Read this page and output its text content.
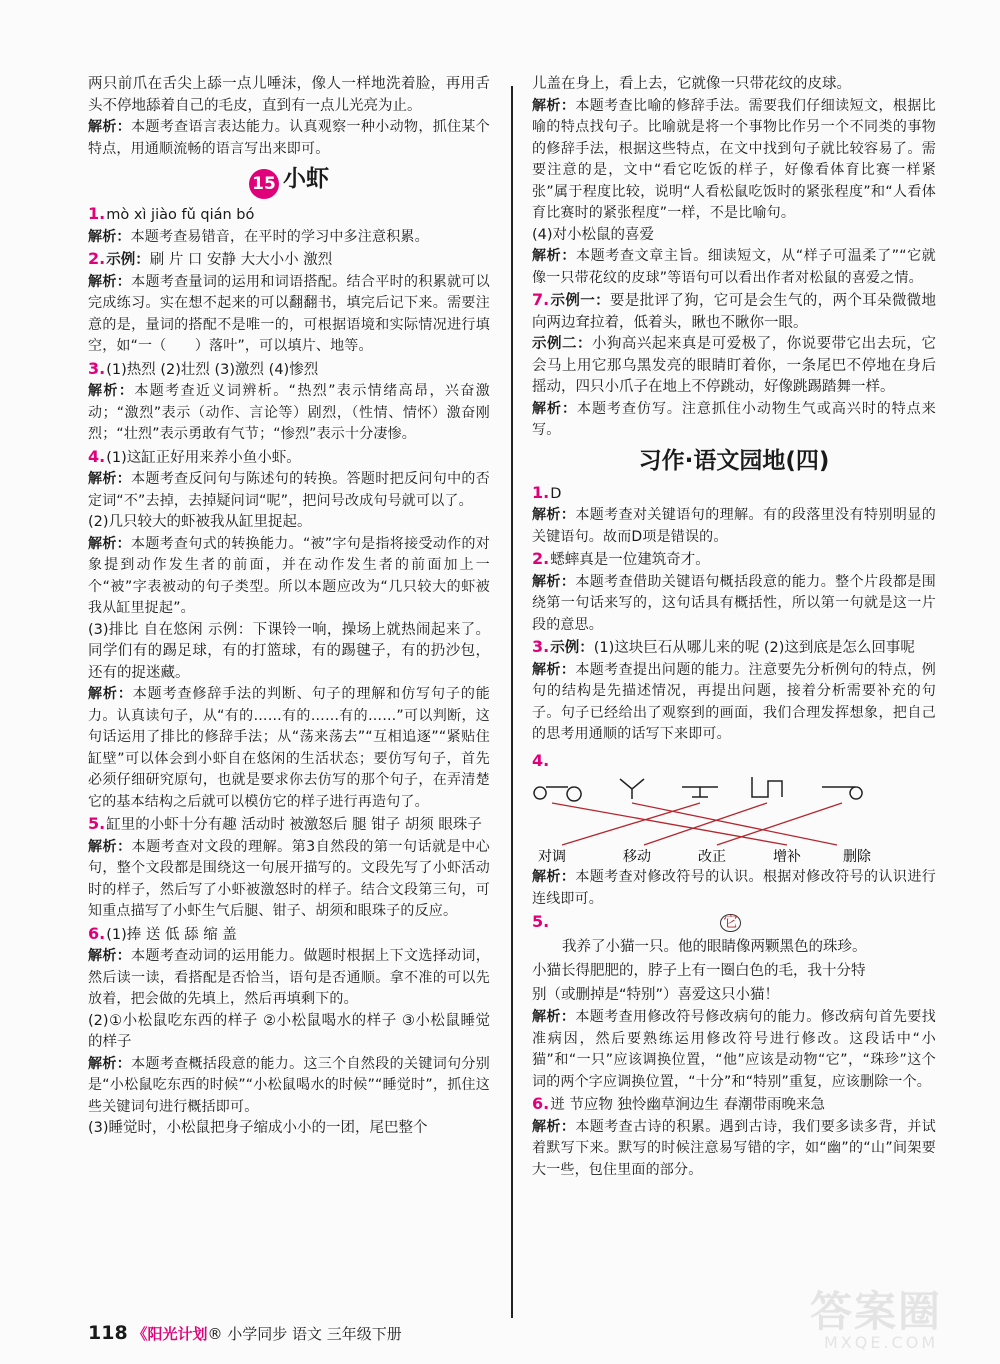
两只前爪在舌尖上舔一点儿唾沫，像人一样地洗着脸，再用舌头不停地舔着自己的毛皮，直到有一点儿光亮为止。

解析：本题考查语言表达能力。认真观察一种小动物，抓住某个特点，用通顺流畅的语言写出来即可。

15 小虾

1.mò xì jiào fǔ qián bó

解析：本题考查易错音，在平时的学习中多注意积累。

2.示例：刷 片 口 安静 大大小小 激烈

解析：本题考查量词的运用和词语搭配。结合平时的积累就可以完成练习。实在想不起来的可以翻翻书，填完后记下来。需要注意的是，量词的搭配不是唯一的，可根据语境和实际情况进行填空，如“一（　　）落叶”，可以填片、地等。

3.(1)热烈 (2)壮烈 (3)激烈 (4)惨烈

解析：本题考查近义词辨析。“热烈”表示情绪高昂，兴奋激动；“激烈”表示（动作、言论等）剧烈，（性情、情怀）激奋刚烈；“壮烈”表示勇敢有气节；“惨烈”表示十分凄惨。

4.(1)这缸正好用来养小鱼小虾。

解析：本题考查反问句与陈述句的转换。答题时把反问句中的否定词“不”去掉，去掉疑问词“呢”，把问号改成句号就可以了。

(2)几只较大的虾被我从缸里捉起。

解析：本题考查句式的转换能力。“被”字句是指将接受动作的对象提到动作发生者的前面，并在动作发生者的前面加上一个“被”字表被动的句子类型。所以本题应改为“几只较大的虾被我从缸里捉起”。

(3)排比 自在悠闲 示例：下课铃一响，操场上就热闹起来了。同学们有的踢足球，有的打篮球，有的踢毽子，有的扔沙包，还有的捉迷藏。

解析：本题考查修辞手法的判断、句子的理解和仿写句子的能力。认真读句子，从“有的……有的……有的……”可以判断，这句话运用了排比的修辞手法；从“荡来荡去”“互相追逐”“紧贴住缸壁”可以体会到小虾自在悠闲的生活状态；要仿写句子，首先必须仔细研究原句，也就是要求你去仿写的那个句子，在弄清楚它的基本结构之后就可以模仿它的样子进行再造句了。

5.缸里的小虾十分有趣 活动时 被激怒后 腿 钳子 胡须 眼珠子

解析：本题考查对文段的理解。第3自然段的第一句话就是中心句，整个文段都是围绕这一句展开描写的。文段先写了小虾活动时的样子，然后写了小虾被激怒时的样子。结合文段第三句，可知重点描写了小虾生气后腿、钳子、胡须和眼珠子的反应。

6.(1)捧 送 低 舔 缩 盖

解析：本题考查动词的运用能力。做题时根据上下文选择动词，然后读一读，看搭配是否恰当，语句是否通顺。拿不准的可以先放着，把会做的先填上，然后再填剩下的。

(2)①小松鼠吃东西的样子 ②小松鼠喝水的样子 ③小松鼠睡觉的样子

解析：本题考查概括段意的能力。这三个自然段的关键词句分别是“小松鼠吃东西的时候”“小松鼠喝水的时候”“睡觉时”，抓住这些关键词句进行概括即可。

(3)睡觉时，小松鼠把身子缩成小小的一团，尾巴整个

儿盖在身上，看上去，它就像一只带花纹的皮球。

解析：本题考查比喻的修辞手法。需要我们仔细读短文，根据比喻的特点找句子。比喻就是将一个事物比作另一个不同类的事物的修辞手法，根据这些特点，在文中找到句子就比较容易了。需要注意的是，文中“看它吃饭的样子，好像看体育比赛一样紧张”属于程度比较，说明“人看松鼠吃饭时的紧张程度”和“人看体育比赛时的紧张程度”一样，不是比喻句。

(4)对小松鼠的喜爱

解析：本题考查文章主旨。细读短文，从“样子可温柔了”“它就像一只带花纹的皮球”等语句可以看出作者对松鼠的喜爱之情。

7.示例一：要是批评了狗，它可是会生气的，两个耳朵微微地向两边耷拉着，低着头，瞅也不瞅你一眼。

示例二：小狗高兴起来真是可爱极了，你说要带它出去玩，它会马上用它那乌黑发亮的眼睛盯着你，一条尾巴不停地在身后摇动，四只小爪子在地上不停跳动，好像跳踢踏舞一样。

解析：本题考查仿写。注意抓住小动物生气或高兴时的特点来写。

习作·语文园地(四)

1.D

解析：本题考查对关键语句的理解。有的段落里没有特别明显的关键语句。故而D项是错误的。

2.蟋蟀真是一位建筑奇才。

解析：本题考查借助关键语句概括段意的能力。整个片段都是围绕第一句话来写的，这句话具有概括性，所以第一句就是这一片段的意思。

3.示例：(1)这块巨石从哪儿来的呢 (2)这到底是怎么回事呢

解析：本题考查提出问题的能力。注意要先分析例句的特点，例句的结构是先描述情况，再提出问题，接着分析需要补充的句子。句子已经给出了观察到的画面，我们合理发挥想象，把自己的思考用通顺的话写下来即可。

4.
对调	移动	改正	增补	删除

解析：本题考查对修改符号的认识。根据对修改符号的认识进行连线即可。

5.	它
我养了小猫一只。他的眼睛像两颗黑色的珠珍。
小猫长得肥肥的，脖子上有一圈白色的毛，我十分特
别（或删掉是“特别”）喜爱这只小猫！

解析：本题考查用修改符号修改病句的能力。修改病句首先要找准病因，然后要熟练运用修改符号进行修改。这段话中“小猫”和“一只”应该调换位置，“他”应该是动物“它”，“珠珍”这个词的两个字应调换位置，“十分”和“特别”重复，应该删除一个。

6.迸 节应物 独怜幽草涧边生 春潮带雨晚来急

解析：本题考查古诗的积累。遇到古诗，我们要多读多背，并试着默写下来。默写的时候注意易写错的字，如“幽”的“山”间架要大一些，包住里面的部分。

118 《阳光计划® 小学同步 语文 三年级下册	答案圈
MXQE.COM
